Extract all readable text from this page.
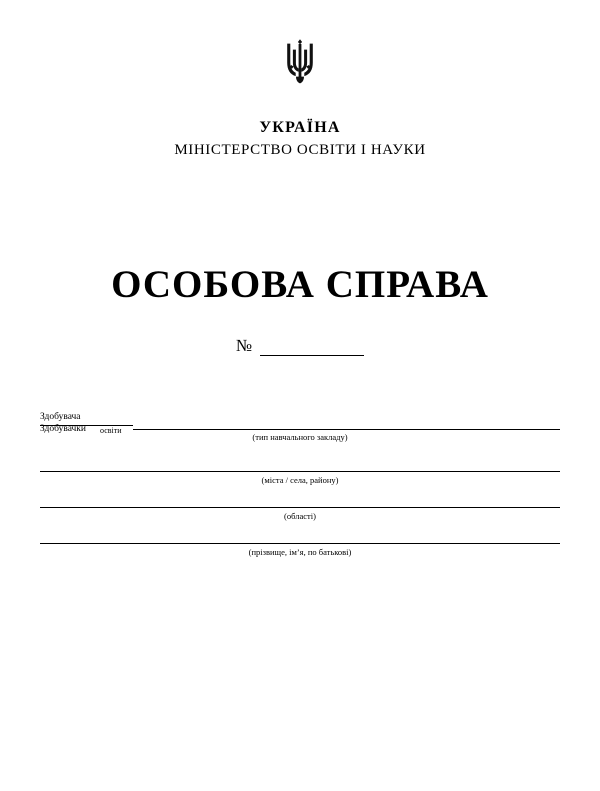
УКРАЇНА
МІНІСТЕРСТВО ОСВІТИ І НАУКИ
ОСОБОВА СПРАВА
№
Здобувача
Здобувачки освіти
(тип навчального закладу)
(міста / села, району)
(області)
(прізвище, ім’я, по батькові)
